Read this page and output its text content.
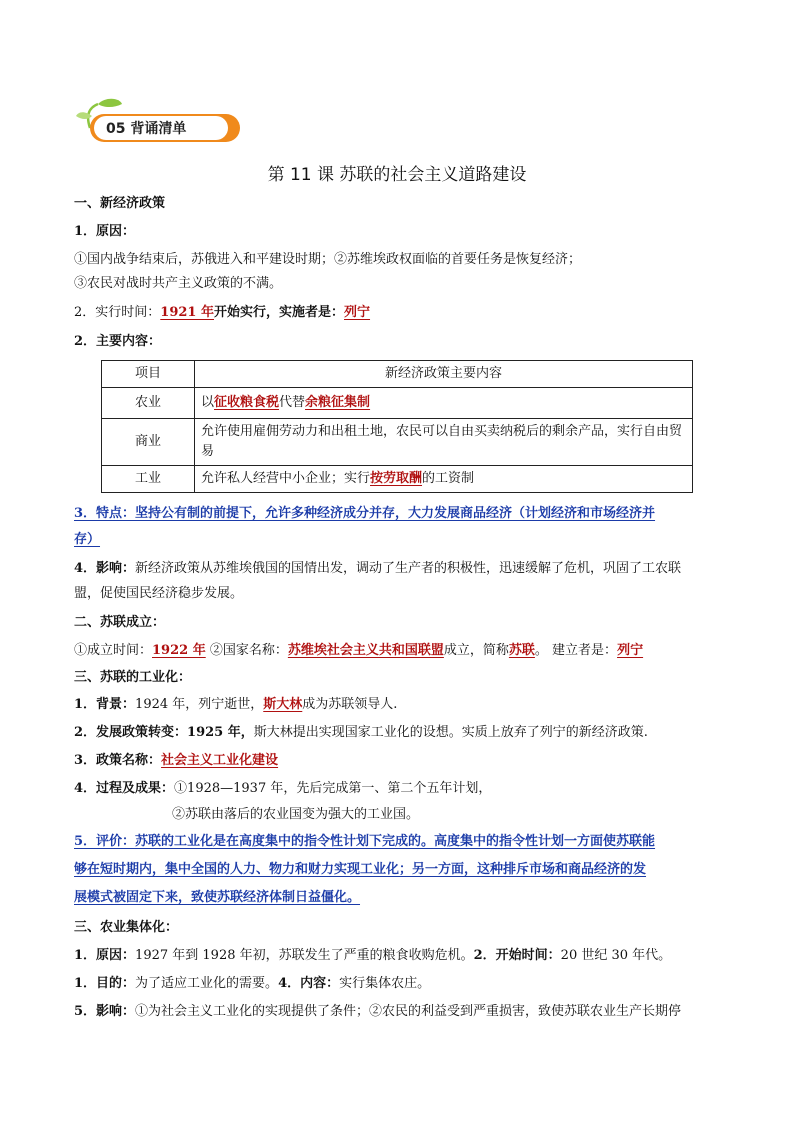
05 背诵清单
第 11 课 苏联的社会主义道路建设
一、新经济政策
1．原因：
①国内战争结束后，苏俄进入和平建设时期；②苏维埃政权面临的首要任务是恢复经济；
③农民对战时共产主义政策的不满。
2．实行时间：1921 年开始实行，实施者是：列宁
2．主要内容：
项目	新经济政策主要内容
农业	以征收粮食税代替余粮征集制
商业	允许使用雇佣劳动力和出租土地，农民可以自由买卖纳税后的剩余产品，实行自由贸易
工业	允许私人经营中小企业；实行按劳取酬的工资制
3．特点：坚持公有制的前提下，允许多种经济成分并存，大力发展商品经济（计划经济和市场经济并
存）
4．影响：新经济政策从苏维埃俄国的国情出发，调动了生产者的积极性，迅速缓解了危机，巩固了工农联
盟，促使国民经济稳步发展。
二、苏联成立：
①成立时间：1922 年 ②国家名称：苏维埃社会主义共和国联盟成立，简称苏联。 建立者是：列宁
三、苏联的工业化：
1．背景：1924 年，列宁逝世，斯大林成为苏联领导人.
2．发展政策转变：1925 年，斯大林提出实现国家工业化的设想。实质上放弃了列宁的新经济政策.
3．政策名称：社会主义工业化建设
4．过程及成果：①1928—1937 年，先后完成第一、第二个五年计划，
②苏联由落后的农业国变为强大的工业国。
5．评价：苏联的工业化是在高度集中的指令性计划下完成的。高度集中的指令性计划一方面使苏联能
够在短时期内，集中全国的人力、物力和财力实现工业化；另一方面，这种排斥市场和商品经济的发
展模式被固定下来，致使苏联经济体制日益僵化。
三、农业集体化：
1．原因：1927 年到 1928 年初，苏联发生了严重的粮食收购危机。2．开始时间：20 世纪 30 年代。
1．目的：为了适应工业化的需要。4．内容：实行集体农庄。
5．影响：①为社会主义工业化的实现提供了条件；②农民的利益受到严重损害，致使苏联农业生产长期停
